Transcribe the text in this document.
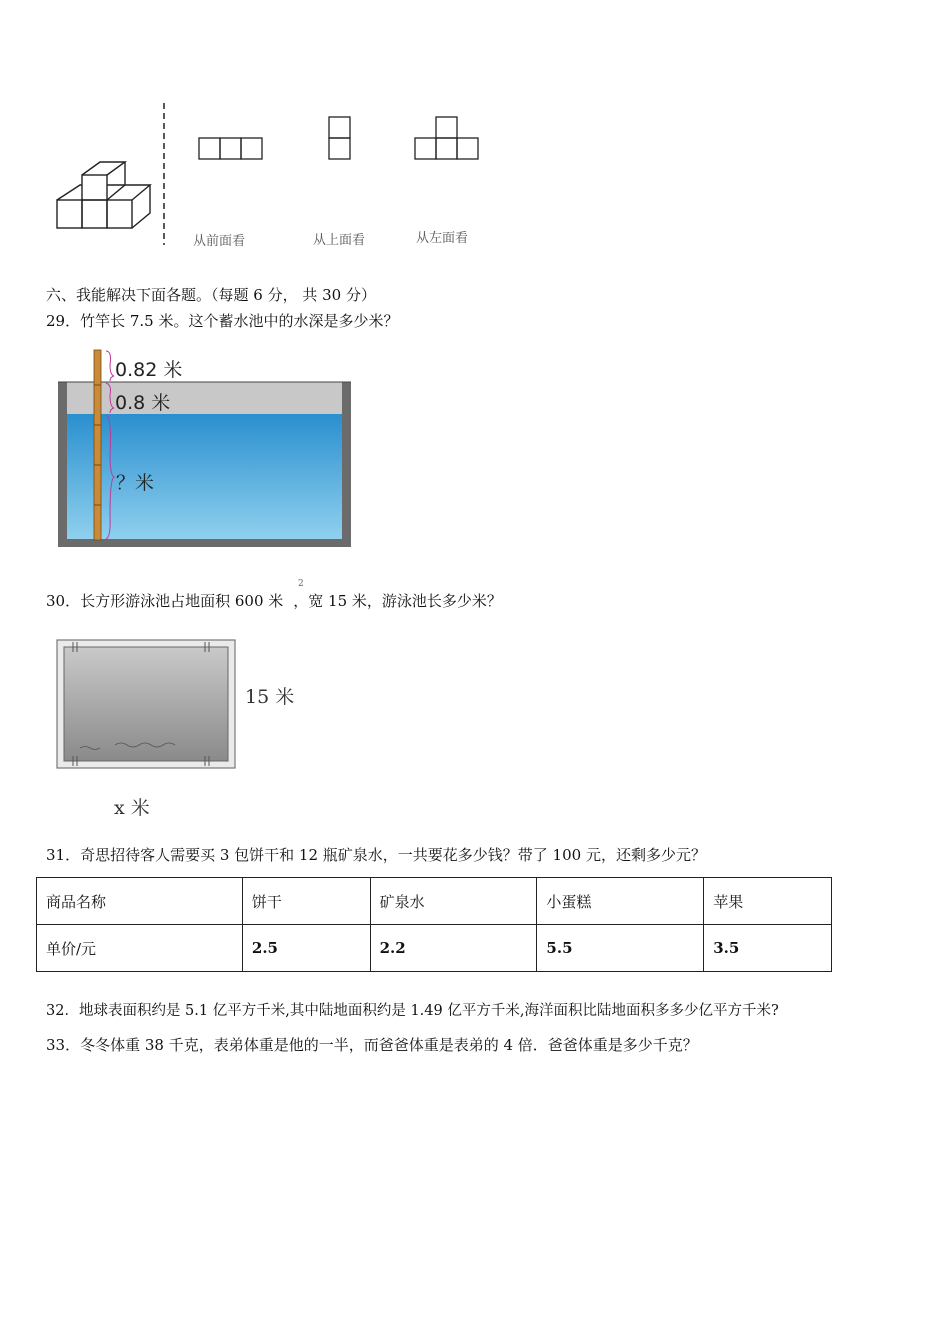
从前面看	从上面看	从左面看
六、我能解决下面各题。（每题 6 分， 共 30 分）
29．竹竿长 7.5 米。这个蓄水池中的水深是多少米？
0.82 米
0.8 米
？米
30．长方形游泳池占地面积 600 米 ，宽 15 米，游泳池长多少米？
2
15 米
x 米
31．奇思招待客人需要买 3 包饼干和 12 瓶矿泉水，一共要花多少钱？带了 100 元，还剩多少元？
商品名称	饼干	矿泉水	小蛋糕	苹果
单价/元	2.5	2.2	5.5	3.5
32．地球表面积约是 5.1 亿平方千米,其中陆地面积约是 1.49 亿平方千米,海洋面积比陆地面积多多少亿平方千米?
33．冬冬体重 38 千克，表弟体重是他的一半，而爸爸体重是表弟的 4 倍．爸爸体重是多少千克？
